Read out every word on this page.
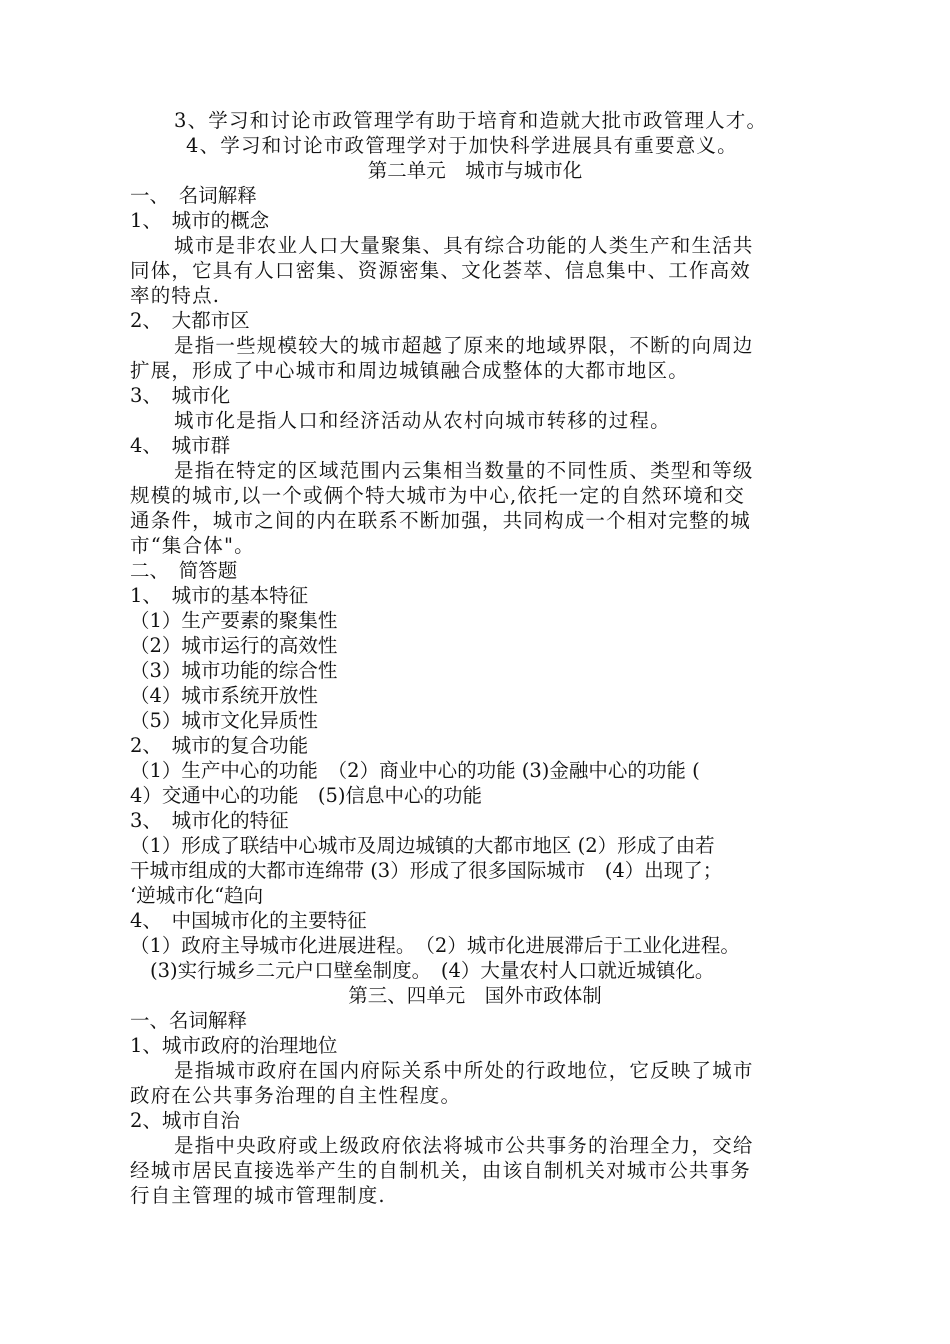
3、学习和讨论市政管理学有助于培育和造就大批市政管理人才。
4、学习和讨论市政管理学对于加快科学进展具有重要意义。
第二单元　城市与城市化
一、　名词解释
1、　城市的概念
城市是非农业人口大量聚集、具有综合功能的人类生产和生活共
同体，它具有人口密集、资源密集、文化荟萃、信息集中、工作高效
率的特点.
2、　大都市区
是指一些规模较大的城市超越了原来的地域界限，不断的向周边
扩展，形成了中心城市和周边城镇融合成整体的大都市地区。
3、　城市化
城市化是指人口和经济活动从农村向城市转移的过程。
4、　城市群
是指在特定的区域范围内云集相当数量的不同性质、类型和等级
规模的城市,以一个或俩个特大城市为中心,依托一定的自然环境和交
通条件，城市之间的内在联系不断加强，共同构成一个相对完整的城
市“集合体"。
二、　简答题
1、　城市的基本特征
（1）生产要素的聚集性
（2）城市运行的高效性
（3）城市功能的综合性
（4）城市系统开放性
（5）城市文化异质性
2、　城市的复合功能
（1）生产中心的功能　（2）商业中心的功能 (3)金融中心的功能 (
4）交通中心的功能　(5)信息中心的功能
3、　城市化的特征
（1）形成了联结中心城市及周边城镇的大都市地区 (2）形成了由若
干城市组成的大都市连绵带 (3）形成了很多国际城市　(4）出现了；
‘逆城市化“趋向
4、　中国城市化的主要特征
（1）政府主导城市化进展进程。　（2）城市化进展滞后于工业化进程。
(3)实行城乡二元户口壁垒制度。　(4）大量农村人口就近城镇化。
第三、四单元　国外市政体制
一、名词解释
1、城市政府的治理地位
是指城市政府在国内府际关系中所处的行政地位，它反映了城市
政府在公共事务治理的自主性程度。
2、城市自治
是指中央政府或上级政府依法将城市公共事务的治理全力，交给
经城市居民直接选举产生的自制机关，由该自制机关对城市公共事务
行自主管理的城市管理制度.
